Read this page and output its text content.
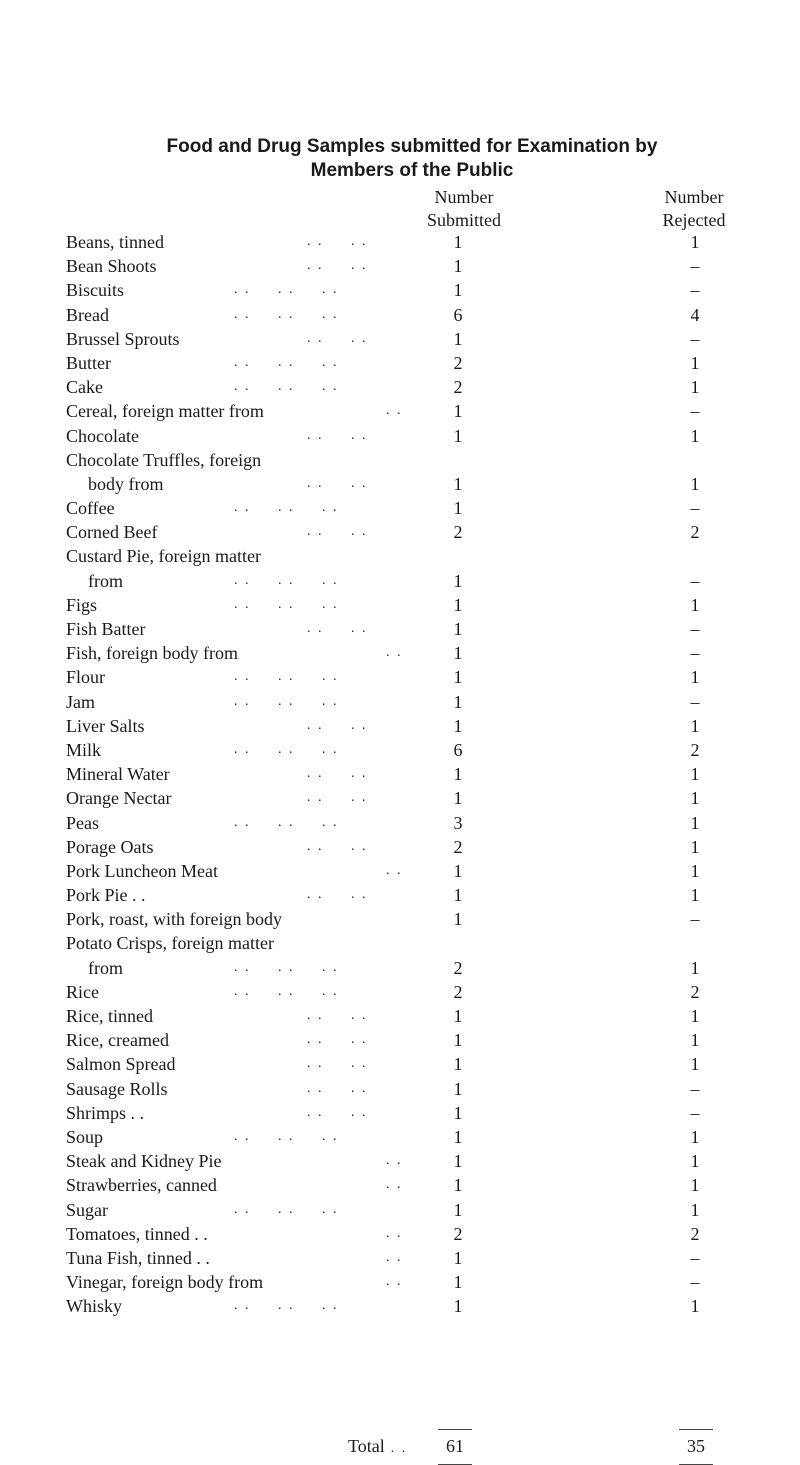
Food and Drug Samples submitted for Examination by
Members of the Public
Number
Submitted
Number
Rejected
Beans, tinned	. .     . .	1	1
Bean Shoots	. .     . .	1	–
Biscuits	. .     . .     . .	1	–
Bread	. .     . .     . .	6	4
Brussel Sprouts	. .     . .	1	–
Butter	. .     . .     . .	2	1
Cake	. .     . .     . .	2	1
Cereal, foreign matter from	. .	1	–
Chocolate	. .     . .	1	1
Chocolate Truffles, foreign
body from	. .     . .	1	1
Coffee	. .     . .     . .	1	–
Corned Beef	. .     . .	2	2
Custard Pie, foreign matter
from	. .     . .     . .	1	–
Figs	. .     . .     . .	1	1
Fish Batter	. .     . .	1	–
Fish, foreign body from	. .	1	–
Flour	. .     . .     . .	1	1
Jam	. .     . .     . .	1	–
Liver Salts	. .     . .	1	1
Milk	. .     . .     . .	6	2
Mineral Water	. .     . .	1	1
Orange Nectar	. .     . .	1	1
Peas	. .     . .     . .	3	1
Porage Oats	. .     . .	2	1
Pork Luncheon Meat	. .	1	1
Pork Pie . .	. .     . .	1	1
Pork, roast, with foreign body	1	–
Potato Crisps, foreign matter
from	. .     . .     . .	2	1
Rice	. .     . .     . .	2	2
Rice, tinned	. .     . .	1	1
Rice, creamed	. .     . .	1	1
Salmon Spread	. .     . .	1	1
Sausage Rolls	. .     . .	1	–
Shrimps . .	. .     . .	1	–
Soup	. .     . .     . .	1	1
Steak and Kidney Pie	. .	1	1
Strawberries, canned	. .	1	1
Sugar	. .     . .     . .	1	1
Tomatoes, tinned . .	. .	2	2
Tuna Fish, tinned . .	. .	1	–
Vinegar, foreign body from	. .	1	–
Whisky	. .     . .     . .	1	1
Total . .	61	35
